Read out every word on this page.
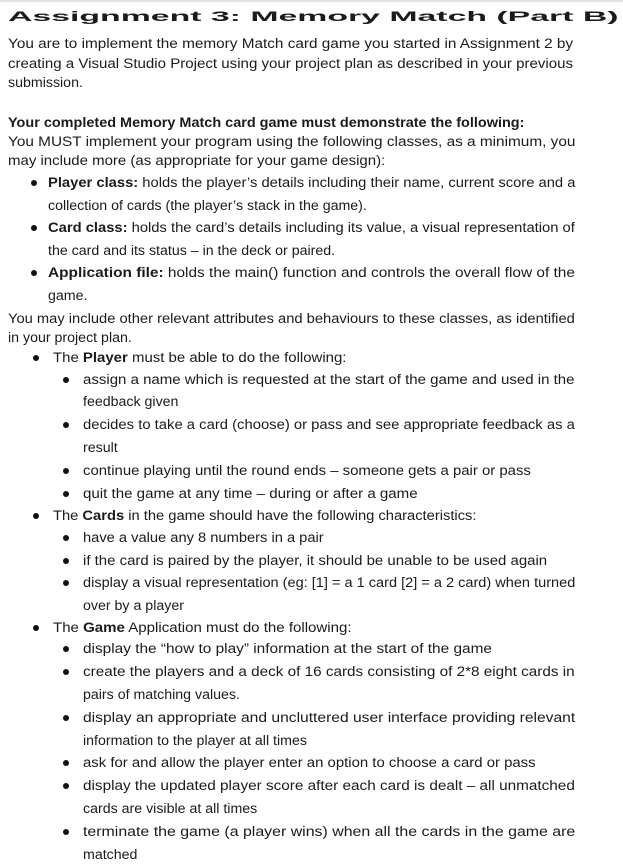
Assignment 3: Memory Match (Part B)
You are to implement the memory Match card game you started in Assignment 2 by
creating a Visual Studio Project using your project plan as described in your previous
submission.
Your completed Memory Match card game must demonstrate the following:
You MUST implement your program using the following classes, as a minimum, you
may include more (as appropriate for your game design):
Player class: holds the player’s details including their name, current score and a
collection of cards (the player’s stack in the game).
Card class: holds the card’s details including its value, a visual representation of
the card and its status – in the deck or paired.
Application file: holds the main() function and controls the overall flow of the
game.
You may include other relevant attributes and behaviours to these classes, as identified
in your project plan.
The Player must be able to do the following:
assign a name which is requested at the start of the game and used in the
feedback given
decides to take a card (choose) or pass and see appropriate feedback as a
result
continue playing until the round ends – someone gets a pair or pass
quit the game at any time – during or after a game
The Cards in the game should have the following characteristics:
have a value any 8 numbers in a pair
if the card is paired by the player, it should be unable to be used again
display a visual representation (eg: [1] = a 1 card [2] = a 2 card) when turned
over by a player
The Game Application must do the following:
display the “how to play” information at the start of the game
create the players and a deck of 16 cards consisting of 2*8 eight cards in
pairs of matching values.
display an appropriate and uncluttered user interface providing relevant
information to the player at all times
ask for and allow the player enter an option to choose a card or pass
display the updated player score after each card is dealt – all unmatched
cards are visible at all times
terminate the game (a player wins) when all the cards in the game are
matched
